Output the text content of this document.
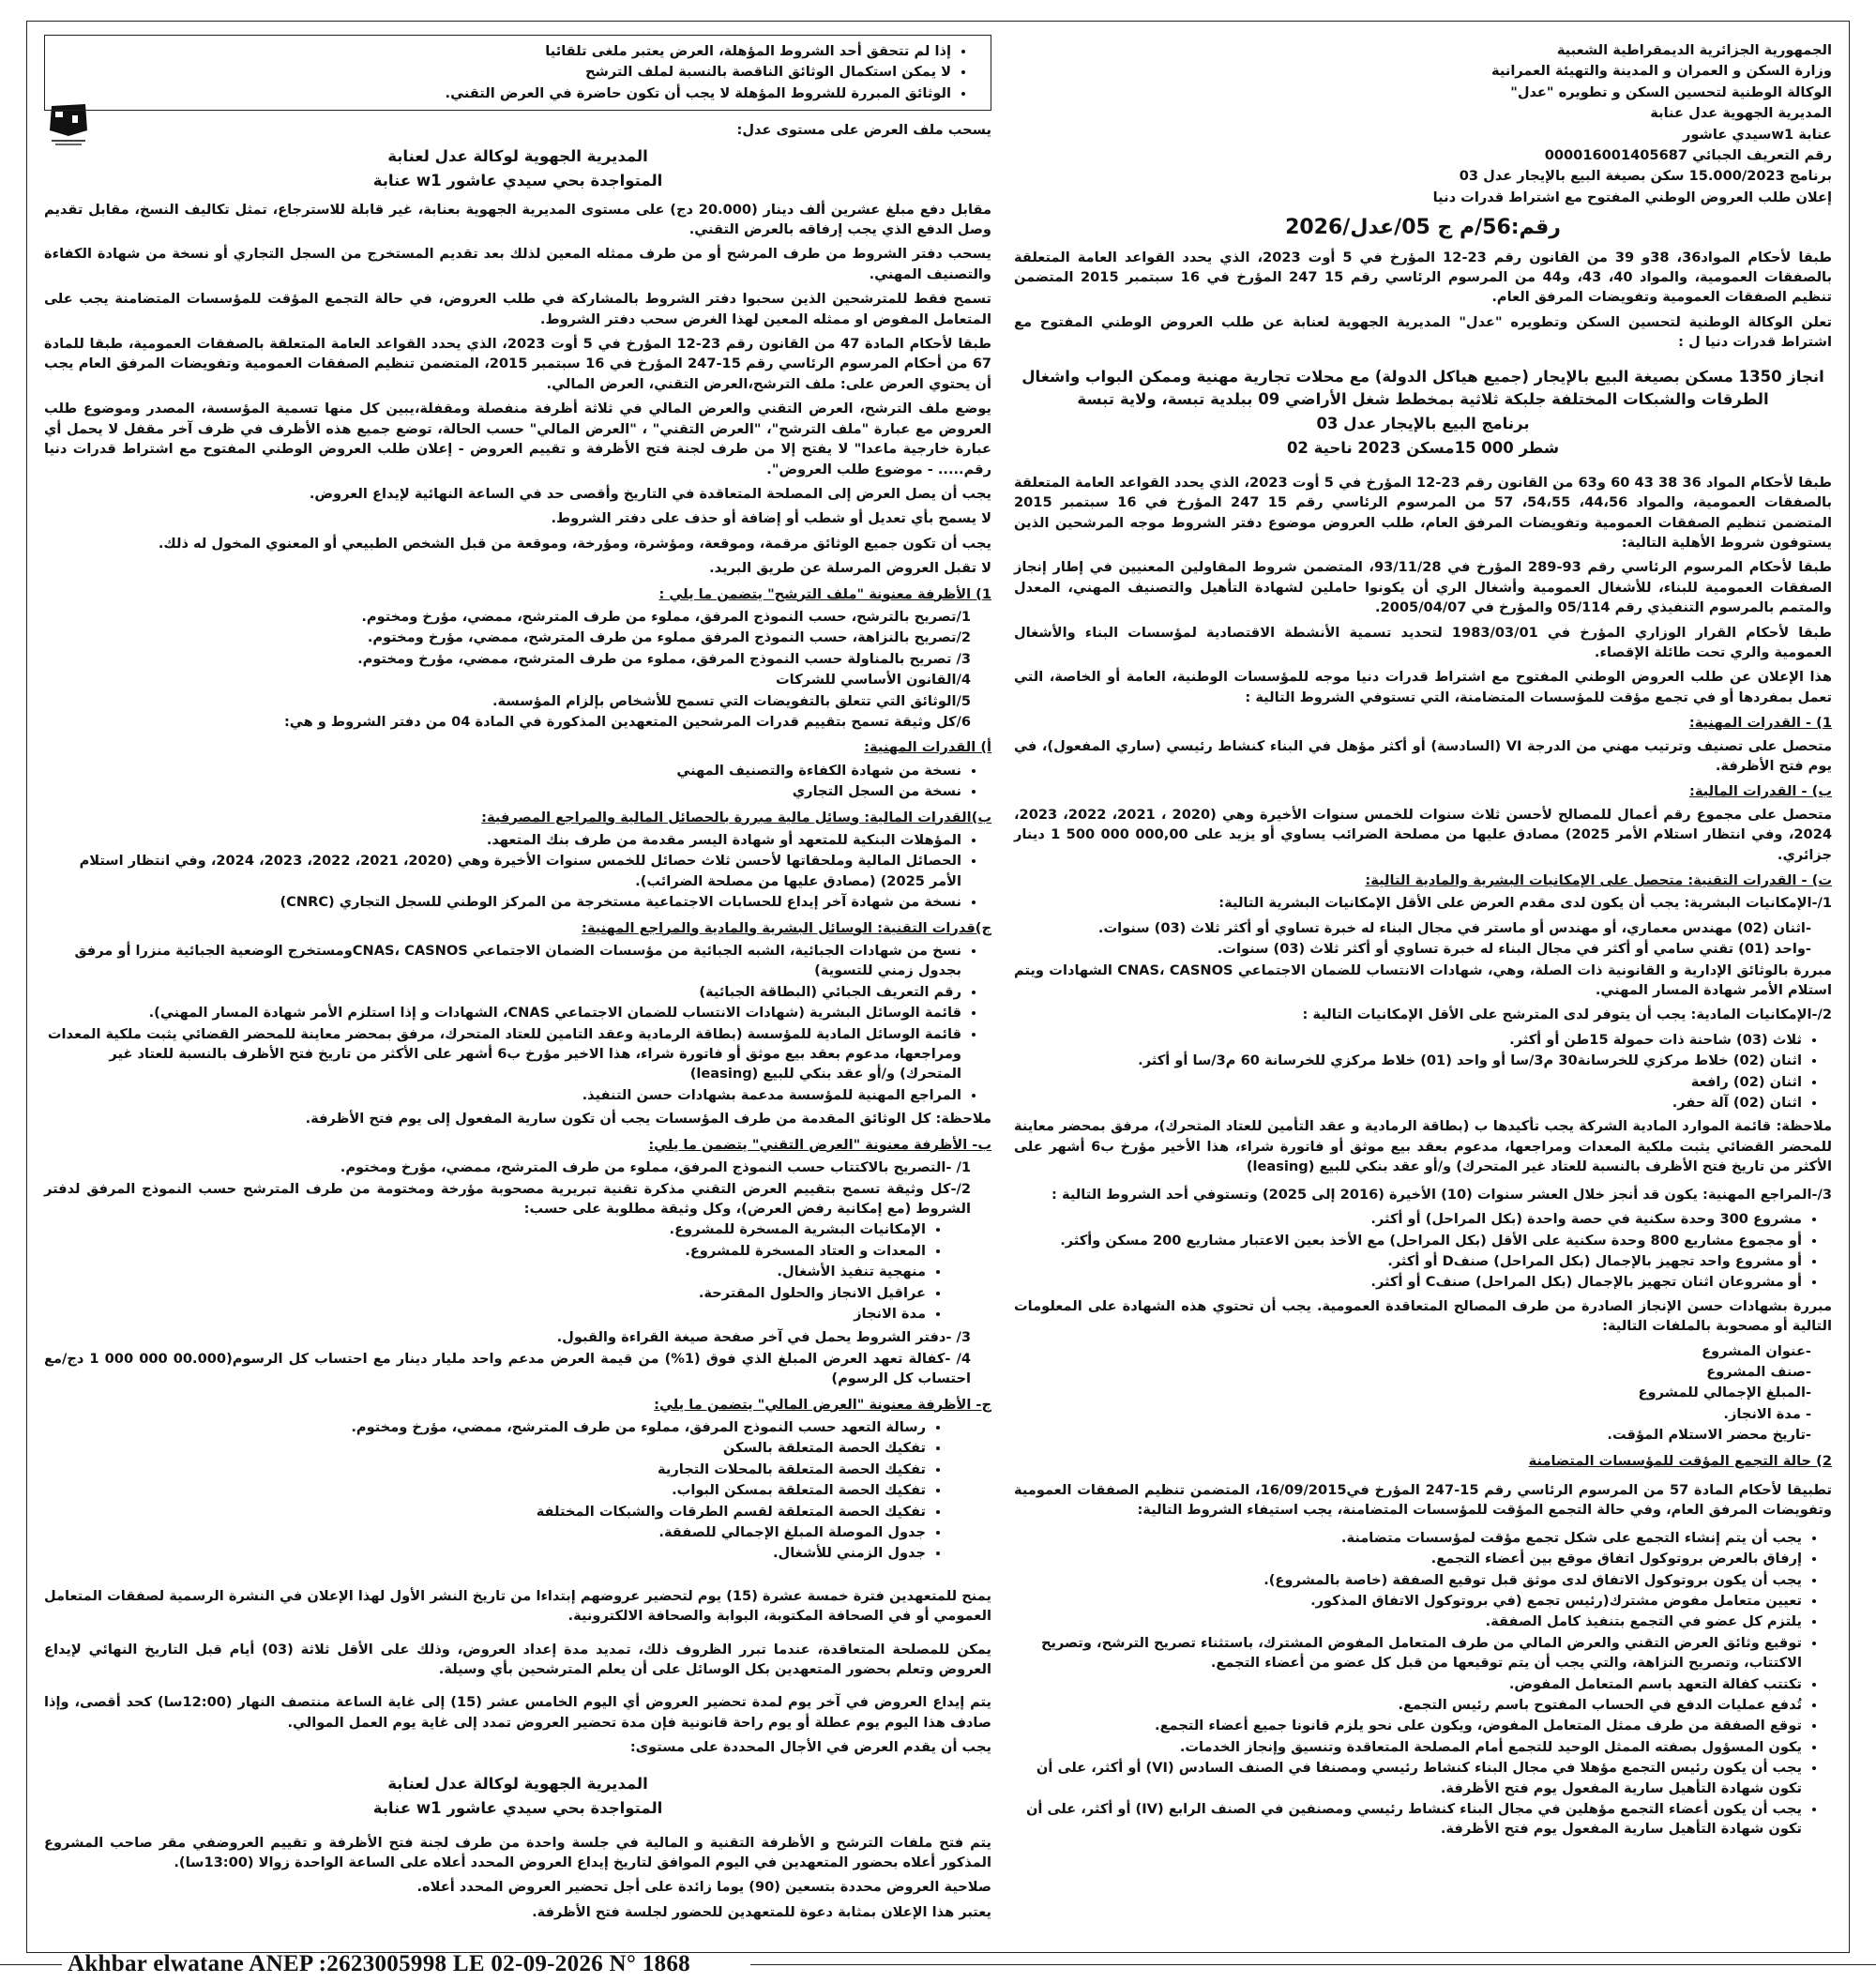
الجمهورية الجزائرية الديمقراطية الشعبية

وزارة السكن و العمران و المدينة والتهيئة العمرانية

الوكالة الوطنية لتحسين السكن و تطويره "عدل"

المديرية الجهوية عدل عنابة

عنابة w1سيدي عاشور

رقم التعريف الجبائي 000016001405687

برنامج 15.000/2023 سكن بصيغة البيع بالإيجار عدل 03

إعلان طلب العروض الوطني المفتوح مع اشتراط قدرات دنيا

رقم:56/م ج 05/عدل/2026

طبقا لأحكام المواد36، 38و 39 من القانون رقم 23-12 المؤرخ في 5 أوت 2023، الذي يحدد القواعد العامة المتعلقة بالصفقات العمومية، والمواد 40، 43، و44 من المرسوم الرئاسي رقم 15 247 المؤرخ في 16 سبتمبر 2015 المتضمن تنظيم الصفقات العمومية وتفويضات المرفق العام.

تعلن الوكالة الوطنية لتحسين السكن وتطويره "عدل" المديرية الجهوية لعنابة عن طلب العروض الوطني المفتوح مع اشتراط قدرات دنيا ل :

انجاز 1350 مسكن بصيغة البيع بالإيجار (جميع هياكل الدولة) مع محلات تجارية مهنية وممكن البواب واشغال الطرقات والشبكات المختلفة جلبكة ثلاثية بمخطط شغل الأراضي 09 ببلدية تبسة، ولاية تبسة
برنامج البيع بالإيجار عدل 03
شطر 000 15مسكن 2023 ناحية 02

طبقا لأحكام المواد 36 38 43 60 و63 من القانون رقم 23-12 المؤرخ في 5 أوت 2023، الذي يحدد القواعد العامة المتعلقة بالصفقات العمومية، والمواد 44،56، 54،55، 57 من المرسوم الرئاسي رقم 15 247 المؤرخ في 16 سبتمبر 2015 المتضمن تنظيم الصفقات العمومية وتفويضات المرفق العام، طلب العروض موضوع دفتر الشروط موجه المرشحين الذين يستوفون شروط الأهلية التالية:

طبقا لأحكام المرسوم الرئاسي رقم 93-289 المؤرخ في 93/11/28، المتضمن شروط المقاولين المعنيين في إطار إنجاز الصفقات العمومية للبناء، للأشغال العمومية وأشغال الري أن يكونوا حاملين لشهادة التأهيل والتصنيف المهني، المعدل والمتمم بالمرسوم التنفيذي رقم 05/114 والمؤرخ في 2005/04/07.

طبقا لأحكام القرار الوزاري المؤرخ في 1983/03/01 لتحديد تسمية الأنشطة الاقتصادية لمؤسسات البناء والأشغال العمومية والري تحت طائلة الإقصاء.

هذا الإعلان عن طلب العروض الوطني المفتوح مع اشتراط قدرات دنيا موجه للمؤسسات الوطنية، العامة أو الخاصة، التي تعمل بمفردها أو في تجمع مؤقت للمؤسسات المتضامنة، التي تستوفي الشروط التالية :

1) - القدرات المهنية:

متحصل على تصنيف وترتيب مهني من الدرجة VI (السادسة) أو أكثر مؤهل في البناء كنشاط رئيسي (ساري المفعول)، في يوم فتح الأظرفة.

ب) - القدرات المالية:

متحصل على مجموع رقم أعمال للمصالح لأحسن ثلاث سنوات للخمس سنوات الأخيرة وهي (2020 ، 2021، 2022، 2023، 2024، وفي انتظار استلام الأمر 2025) مصادق عليها من مصلحة الضرائب يساوي أو يزيد على 000,00 000 500 1 دينار جزائري.

ت) - القدرات التقنية: متحصل على الإمكانيات البشرية والمادية التالية:

1/-الإمكانيات البشرية: يجب أن يكون لدى مقدم العرض على الأقل الإمكانيات البشرية التالية:

-اثنان (02) مهندس معماري، أو مهندس أو ماستر في مجال البناء له خبرة تساوي أو أكثر ثلاث (03) سنوات.

-واحد (01) تقني سامي أو أكثر في مجال البناء له خبرة تساوي أو أكثر ثلاث (03) سنوات.

مبررة بالوثائق الإدارية و القانونية ذات الصلة، وهي، شهادات الانتساب للضمان الاجتماعي CNAS، CASNOS الشهادات ويتم استلام الأمر شهادة المسار المهني.

2/-الإمكانيات المادية: يجب أن يتوفر لدى المترشح على الأقل الإمكانيات التالية :

• ثلاث (03) شاحنة ذات حمولة 15طن أو أكثر.
• اثنان (02) خلاط مركزي للخرسانة30 م3/سا أو واحد (01) خلاط مركزي للخرسانة 60 م3/سا أو أكثر.
• اثنان (02) رافعة
• اثنان (02) آلة حفر.

ملاحظة: قائمة الموارد المادية الشركة يجب تأكيدها ب (بطاقة الرمادية و عقد التأمين للعتاد المتحرك)، مرفق بمحضر معاينة للمحضر القضائي يثبت ملكية المعدات ومراجعها، مدعوم بعقد بيع موثق أو فاتورة شراء، هذا الأخير مؤرخ ب6 أشهر على الأكثر من تاريخ فتح الأظرف بالنسبة للعتاد غير المتحرك) و/أو عقد بنكي للبيع (leasing)

3/-المراجع المهنية: يكون قد أنجز خلال العشر سنوات (10) الأخيرة (2016 إلى 2025) وتستوفي أحد الشروط التالية :

• مشروع 300 وحدة سكنية في حصة واحدة (بكل المراحل) أو أكثر.
• أو مجموع مشاريع 800 وحدة سكنية على الأقل (بكل المراحل) مع الأخذ بعين الاعتبار مشاريع 200 مسكن وأكثر.
• أو مشروع واحد تجهيز بالإجمال (بكل المراحل) صنفD أو أكثر.
• أو مشروعان اثنان تجهيز بالإجمال (بكل المراحل) صنفC أو أكثر.

مبررة بشهادات حسن الإنجاز الصادرة من طرف المصالح المتعاقدة العمومية. يجب أن تحتوي هذه الشهادة على المعلومات التالية أو مصحوبة بالملفات التالية:

-عنوان المشروع

-صنف المشروع

-المبلغ الإجمالي للمشروع

- مدة الانجاز.

-تاريخ محضر الاستلام المؤقت.

2) حالة التجمع المؤقت للمؤسسات المتضامنة

تطبيقا لأحكام المادة 57 من المرسوم الرئاسي رقم 15-247 المؤرخ في16/09/2015، المتضمن تنظيم الصفقات العمومية وتفويضات المرفق العام، وفي حالة التجمع المؤقت للمؤسسات المتضامنة، يجب استيفاء الشروط التالية:

• يجب أن يتم إنشاء التجمع على شكل تجمع مؤقت لمؤسسات متضامنة.
• إرفاق بالعرض بروتوكول اتفاق موقع بين أعضاء التجمع.
• يجب أن يكون بروتوكول الاتفاق لدى موثق قبل توقيع الصفقة (خاصة بالمشروع).
• تعيين متعامل مفوض مشترك(رئيس تجمع (في بروتوكول الاتفاق المذكور.
• يلتزم كل عضو في التجمع بتنفيذ كامل الصفقة.
• توقيع وثائق العرض التقني والعرض المالي من طرف المتعامل المفوض المشترك، باستثناء تصريح الترشح، وتصريح الاكتتاب، وتصريح النزاهة، والتي يجب أن يتم توقيعها من قبل كل عضو من أعضاء التجمع.
• تكتتب كفالة التعهد باسم المتعامل المفوض.
• تُدفع عمليات الدفع في الحساب المفتوح باسم رئيس التجمع.
• توقع الصفقة من طرف ممثل المتعامل المفوض، ويكون على نحو يلزم قانونا جميع أعضاء التجمع.
• يكون المسؤول بصفته الممثل الوحيد للتجمع أمام المصلحة المتعاقدة وتنسيق وإنجاز الخدمات.
• يجب أن يكون رئيس التجمع مؤهلا في مجال البناء كنشاط رئيسي ومصنفا في الصنف السادس (VI) أو أكثر، على أن تكون شهادة التأهيل سارية المفعول يوم فتح الأظرفة.
• يجب أن يكون أعضاء التجمع مؤهلين في مجال البناء كنشاط رئيسي ومصنفين في الصنف الرابع (IV) أو أكثر، على أن تكون شهادة التأهيل سارية المفعول يوم فتح الأظرفة.
• إذا لم تتحقق أحد الشروط المؤهلة، العرض يعتبر ملغى تلقائيا
• لا يمكن استكمال الوثائق الناقصة بالنسبة لملف الترشح
• الوثائق المبررة للشروط المؤهلة لا يجب أن تكون حاضرة في العرض التقني.

يسحب ملف العرض على مستوى عدل:

المديرية الجهوية لوكالة عدل لعنابة
المتواجدة بحي سيدي عاشور w1 عنابة

مقابل دفع مبلغ عشرين ألف دينار (20.000 دج) على مستوى المديرية الجهوية بعنابة، غير قابلة للاسترجاع، تمثل تكاليف النسخ، مقابل تقديم وصل الدفع الذي يجب إرفاقه بالعرض التقني.

يسحب دفتر الشروط من طرف المرشح أو من طرف ممثله المعين لذلك بعد تقديم المستخرج من السجل التجاري أو نسخة من شهادة الكفاءة والتصنيف المهني.

تسمح فقط للمترشحين الذين سحبوا دفتر الشروط بالمشاركة في طلب العروض، في حالة التجمع المؤقت للمؤسسات المتضامنة يجب على المتعامل المفوض او ممثله المعين لهذا الغرض سحب دفتر الشروط.

طبقا لأحكام المادة 47 من القانون رقم 23-12 المؤرخ في 5 أوت 2023، الذي يحدد القواعد العامة المتعلقة بالصفقات العمومية، طبقا للمادة 67 من أحكام المرسوم الرئاسي رقم 15-247 المؤرخ في 16 سبتمبر 2015، المتضمن تنظيم الصفقات العمومية وتفويضات المرفق العام يجب أن يحتوي العرض على: ملف الترشح،العرض التقني، العرض المالي.

يوضع ملف الترشح، العرض التقني والعرض المالي في ثلاثة أظرفة منفصلة ومقفلة،يبين كل منها تسمية المؤسسة، المصدر وموضوع طلب العروض مع عبارة "ملف الترشح"، "العرض التقني" ، "العرض المالي" حسب الحالة، توضع جميع هذه الأظرف في ظرف آخر مقفل لا يحمل أي عبارة خارجية ماعدا" لا يفتح إلا من طرف لجنة فتح الأظرفة و تقييم العروض - إعلان طلب العروض الوطني المفتوح مع اشتراط قدرات دنيا رقم..... - موضوع طلب العروض".

يجب أن يصل العرض إلى المصلحة المتعاقدة في التاريخ وأقصى حد في الساعة النهائية لإيداع العروض.

لا يسمح بأي تعديل أو شطب أو إضافة أو حذف على دفتر الشروط.

يجب أن تكون جميع الوثائق مرقمة، وموقعة، ومؤشرة، ومؤرخة، وموقعة من قبل الشخص الطبيعي أو المعنوي المخول له ذلك.

لا تقبل العروض المرسلة عن طريق البريد.

1) الأظرفة معنونة "ملف الترشح" يتضمن ما يلي :

1/تصريح بالترشح، حسب النموذج المرفق، مملوء من طرف المترشح، ممضي، مؤرخ ومختوم.

2/تصريح بالنزاهة، حسب النموذج المرفق مملوء من طرف المترشح، ممضي، مؤرخ ومختوم.

3/ تصريح بالمناولة حسب النموذج المرفق، مملوء من طرف المترشح، ممضي، مؤرخ ومختوم.

4/القانون الأساسي للشركات

5/الوثائق التي تتعلق بالتفويضات التي تسمح للأشخاص بإلزام المؤسسة.

6/كل وثيقة تسمح بتقييم قدرات المرشحين المتعهدين المذكورة في المادة 04 من دفتر الشروط و هي:

أ) القدرات المهنية:

• نسخة من شهادة الكفاءة والتصنيف المهني
• نسخة من السجل التجاري

ب)القدرات المالية: وسائل مالية مبررة بالحصائل المالية والمراجع المصرفية:

• المؤهلات البنكية للمتعهد أو شهادة اليسر مقدمة من طرف بنك المتعهد.
• الحصائل المالية وملحقاتها لأحسن ثلاث حصائل للخمس سنوات الأخيرة وهي (2020، 2021، 2022، 2023، 2024، وفي انتظار استلام الأمر 2025) (مصادق عليها من مصلحة الضرائب).
• نسخة من شهادة آخر إيداع للحسابات الاجتماعية مستخرجة من المركز الوطني للسجل التجاري (CNRC)

ج)قدرات التقنية: الوسائل البشرية والمادية والمراجع المهنية:

• نسخ من شهادات الجبائية، الشبه الجبائية من مؤسسات الضمان الاجتماعي CNAS، CASNOSومستخرج الوضعية الجبائية منزرا أو مرفق بجدول زمني للتسوية)
• رقم التعريف الجبائي (البطاقة الجبائية)
• قائمة الوسائل البشرية (شهادات الانتساب للضمان الاجتماعي CNAS، الشهادات و إذا استلزم الأمر شهادة المسار المهني).
• قائمة الوسائل المادية للمؤسسة (بطاقة الرمادية وعقد التامين للعتاد المتحرك، مرفق بمحضر معاينة للمحضر القضائي يثبت ملكية المعدات ومراجعها، مدعوم بعقد بيع موثق أو فاتورة شراء، هذا الاخير مؤرخ ب6 أشهر على الأكثر من تاريخ فتح الأظرف بالنسبة للعتاد غير المتحرك) و/أو عقد بنكي للبيع (leasing)
• المراجع المهنية للمؤسسة مدعمة بشهادات حسن التنفيذ.

ملاحظة: كل الوثائق المقدمة من طرف المؤسسات يجب أن تكون سارية المفعول إلى يوم فتح الأظرفة.

ب- الأظرفة معنونة "العرض التقني" يتضمن ما يلي:

1/ -التصريح بالاكتتاب حسب النموذج المرفق، مملوء من طرف المترشح، ممضي، مؤرخ ومختوم.

2/-كل وثيقة تسمح بتقييم العرض التقني مذكرة تقنية تبريرية مصحوبة مؤرخة ومختومة من طرف المترشح حسب النموذج المرفق لدفتر الشروط (مع إمكانية رفض العرض)، وكل وثيقة مطلوبة على حسب:

• الإمكانيات البشرية المسخرة للمشروع.
• المعدات و العتاد المسخرة للمشروع.
• منهجية تنفيذ الأشغال.
• عراقيل الانجاز والحلول المقترحة.
• مدة الانجاز

3/ -دفتر الشروط يحمل في آخر صفحة صيغة القراءة والقبول.

4/ -كفالة تعهد العرض المبلغ الذي فوق (1%) من قيمة العرض مدعم واحد مليار دينار مع احتساب كل الرسوم(00.000 000 000 1 دج/مع احتساب كل الرسوم)

ج- الأظرفة معنونة "العرض المالي" يتضمن ما يلي:

• رسالة التعهد حسب النموذج المرفق، مملوء من طرف المترشح، ممضي، مؤرخ ومختوم.
• تفكيك الحصة المتعلقة بالسكن
• تفكيك الحصة المتعلقة بالمحلات التجارية
• تفكيك الحصة المتعلقة بمسكن البواب.
• تفكيك الحصة المتعلقة لقسم الطرقات والشبكات المختلفة
• جدول الموصلة المبلغ الإجمالي للصفقة.
• جدول الزمني للأشغال.

يمنح للمتعهدين فترة خمسة عشرة (15) يوم لتحضير عروضهم إبتداءا من تاريخ النشر الأول لهذا الإعلان في النشرة الرسمية لصفقات المتعامل العمومي أو في الصحافة المكتوبة، البوابة والصحافة الالكترونية.

يمكن للمصلحة المتعاقدة، عندما تبرر الظروف ذلك، تمديد مدة إعداد العروض، وذلك على الأقل ثلاثة (03) أيام قبل التاريخ النهائي لإيداع العروض وتعلم بحضور المتعهدين بكل الوسائل على أن يعلم المترشحين بأي وسيلة.

يتم إيداع العروض في آخر يوم لمدة تحضير العروض أي اليوم الخامس عشر (15) إلى غاية الساعة منتصف النهار (12:00سا) كحد أقصى، وإذا صادف هذا اليوم يوم عطلة أو يوم راحة قانونية فإن مدة تحضير العروض تمدد إلى غاية يوم العمل الموالي.

يجب أن يقدم العرض في الأجال المحددة على مستوى:

المديرية الجهوية لوكالة عدل لعنابة
المتواجدة بحي سيدي عاشور w1 عنابة

يتم فتح ملفات الترشح و الأظرفة التقنية و المالية في جلسة واحدة من طرف لجنة فتح الأظرفة و تقييم العروضفي مقر صاحب المشروع المذكور أعلاه بحضور المتعهدين في اليوم الموافق لتاريخ إيداع العروض المحدد أعلاه على الساعة الواحدة زوالا (13:00سا).

صلاحية العروض محددة بتسعين (90) يوما زائدة على أجل تحضير العروض المحدد أعلاه.

يعتبر هذا الإعلان بمثابة دعوة للمتعهدين للحضور لجلسة فتح الأظرفة.

Akhbar elwatane ANEP :2623005998 LE 02-09-2026 N° 1868
